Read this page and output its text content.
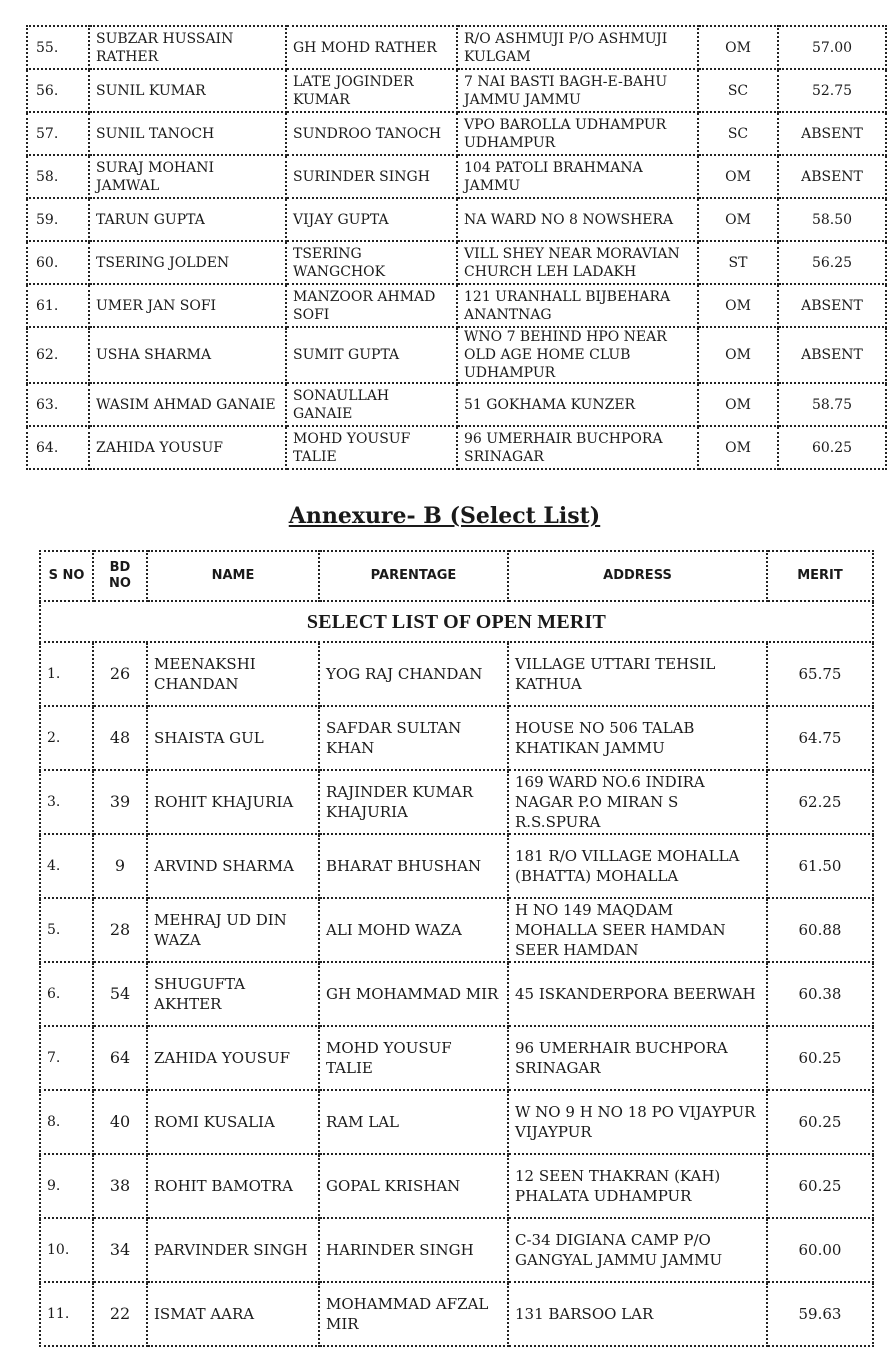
55.	SUBZAR HUSSAIN RATHER	GH MOHD RATHER	R/O ASHMUJI P/O ASHMUJI KULGAM	OM	57.00
56.	SUNIL KUMAR	LATE JOGINDER KUMAR	7 NAI BASTI BAGH-E-BAHU JAMMU JAMMU	SC	52.75
57.	SUNIL TANOCH	SUNDROO TANOCH	VPO BAROLLA UDHAMPUR UDHAMPUR	SC	ABSENT
58.	SURAJ MOHANI JAMWAL	SURINDER SINGH	104 PATOLI BRAHMANA JAMMU	OM	ABSENT
59.	TARUN GUPTA	VIJAY GUPTA	NA WARD NO 8 NOWSHERA	OM	58.50
60.	TSERING JOLDEN	TSERING WANGCHOK	VILL SHEY NEAR MORAVIAN CHURCH LEH LADAKH	ST	56.25
61.	UMER JAN SOFI	MANZOOR AHMAD SOFI	121 URANHALL BIJBEHARA ANANTNAG	OM	ABSENT
62.	USHA SHARMA	SUMIT GUPTA	WNO 7 BEHIND HPO NEAR OLD AGE HOME CLUB UDHAMPUR	OM	ABSENT
63.	WASIM AHMAD GANAIE	SONAULLAH GANAIE	51 GOKHAMA KUNZER	OM	58.75
64.	ZAHIDA YOUSUF	MOHD YOUSUF TALIE	96 UMERHAIR BUCHPORA SRINAGAR	OM	60.25
Annexure- B (Select List)
S NO	BD NO	NAME	PARENTAGE	ADDRESS	MERIT
SELECT LIST OF OPEN MERIT					
1.	26	MEENAKSHI CHANDAN	YOG RAJ CHANDAN	VILLAGE UTTARI TEHSIL KATHUA	65.75
2.	48	SHAISTA GUL	SAFDAR SULTAN KHAN	HOUSE NO 506 TALAB KHATIKAN JAMMU	64.75
3.	39	ROHIT KHAJURIA	RAJINDER KUMAR KHAJURIA	169 WARD NO.6 INDIRA NAGAR P.O MIRAN S R.S.SPURA	62.25
4.	9	ARVIND SHARMA	BHARAT BHUSHAN	181 R/O VILLAGE MOHALLA (BHATTA) MOHALLA	61.50
5.	28	MEHRAJ UD DIN WAZA	ALI MOHD WAZA	H NO 149 MAQDAM MOHALLA SEER HAMDAN SEER HAMDAN	60.88
6.	54	SHUGUFTA AKHTER	GH MOHAMMAD MIR	45 ISKANDERPORA BEERWAH	60.38
7.	64	ZAHIDA YOUSUF	MOHD YOUSUF TALIE	96 UMERHAIR BUCHPORA SRINAGAR	60.25
8.	40	ROMI KUSALIA	RAM LAL	W NO 9 H NO 18 PO VIJAYPUR VIJAYPUR	60.25
9.	38	ROHIT BAMOTRA	GOPAL KRISHAN	12 SEEN THAKRAN (KAH) PHALATA UDHAMPUR	60.25
10.	34	PARVINDER SINGH	HARINDER SINGH	C-34 DIGIANA CAMP P/O GANGYAL JAMMU JAMMU	60.00
11.	22	ISMAT AARA	MOHAMMAD AFZAL MIR	131 BARSOO LAR	59.63
